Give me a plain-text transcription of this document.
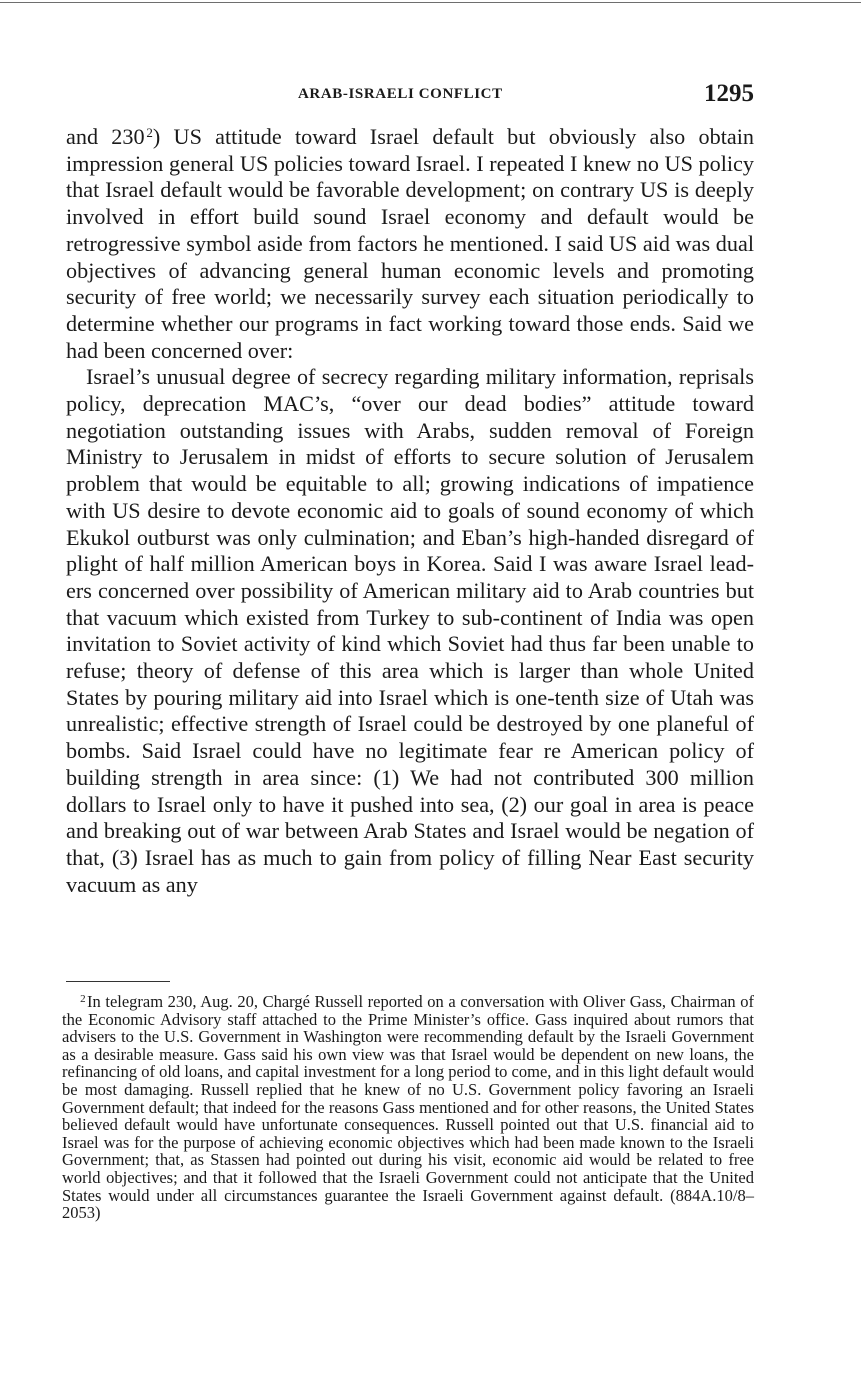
ARAB-ISRAELI CONFLICT	1295

and 230  $^2$) US attitude toward Israel default but obviously also obtain impression general US policies toward Israel. I repeated I knew no US policy that Israel default would be favorable development; on contrary US is deeply involved in effort build sound Israel economy and default would be retrogressive symbol aside from factors he mentioned. I said US aid was dual objectives of advancing general human economic levels and promoting security of free world; we necessarily survey each situation periodically to determine whether our programs in fact working toward those ends. Said we had been concerned over:

Israel’s unusual degree of secrecy regarding military information, reprisals policy, deprecation MAC’s, “over our dead bodies” attitude toward negotiation outstanding issues with Arabs, sudden removal of Foreign Ministry to Jerusalem in midst of efforts to secure solution of Jerusalem problem that would be equitable to all; growing indications of impatience with US desire to devote economic aid to goals of sound economy of which Ekukol outburst was only culmination; and Eban’s high-handed disregard of plight of half million American boys in Korea. Said I was aware Israel leaders concerned over possibility of American military aid to Arab countries but that vacuum which existed from Turkey to sub-continent of India was open invitation to Soviet activity of kind which Soviet had thus far been unable to refuse; theory of defense of this area which is larger than whole United States by pouring military aid into Israel which is one-tenth size of Utah was unrealistic; effective strength of Israel could be destroyed by one planeful of bombs. Said Israel could have no legitimate fear re American policy of building strength in area since: (1) We had not contributed 300 million dollars to Israel only to have it pushed into sea, (2) our goal in area is peace and breaking out of war between Arab States and Israel would be negation of that, (3) Israel has as much to gain from policy of filling Near East security vacuum as any

$^2$ In telegram 230, Aug. 20, Chargé Russell reported on a conversation with Oliver Gass, Chairman of the Economic Advisory staff attached to the Prime Minister’s office. Gass inquired about rumors that advisers to the U.S. Government in Washington were recommending default by the Israeli Government as a desirable measure. Gass said his own view was that Israel would be dependent on new loans, the refinancing of old loans, and capital investment for a long period to come, and in this light default would be most damaging. Russell replied that he knew of no U.S. Government policy favoring an Israeli Government default; that indeed for the reasons Gass mentioned and for other reasons, the United States believed default would have unfortunate consequences. Russell pointed out that U.S. financial aid to Israel was for the purpose of achieving economic objectives which had been made known to the Israeli Government; that, as Stassen had pointed out during his visit, economic aid would be related to free world objectives; and that it followed that the Israeli Government could not anticipate that the United States would under all circumstances guarantee the Israeli Government against default. (884A.10/8–2053)
